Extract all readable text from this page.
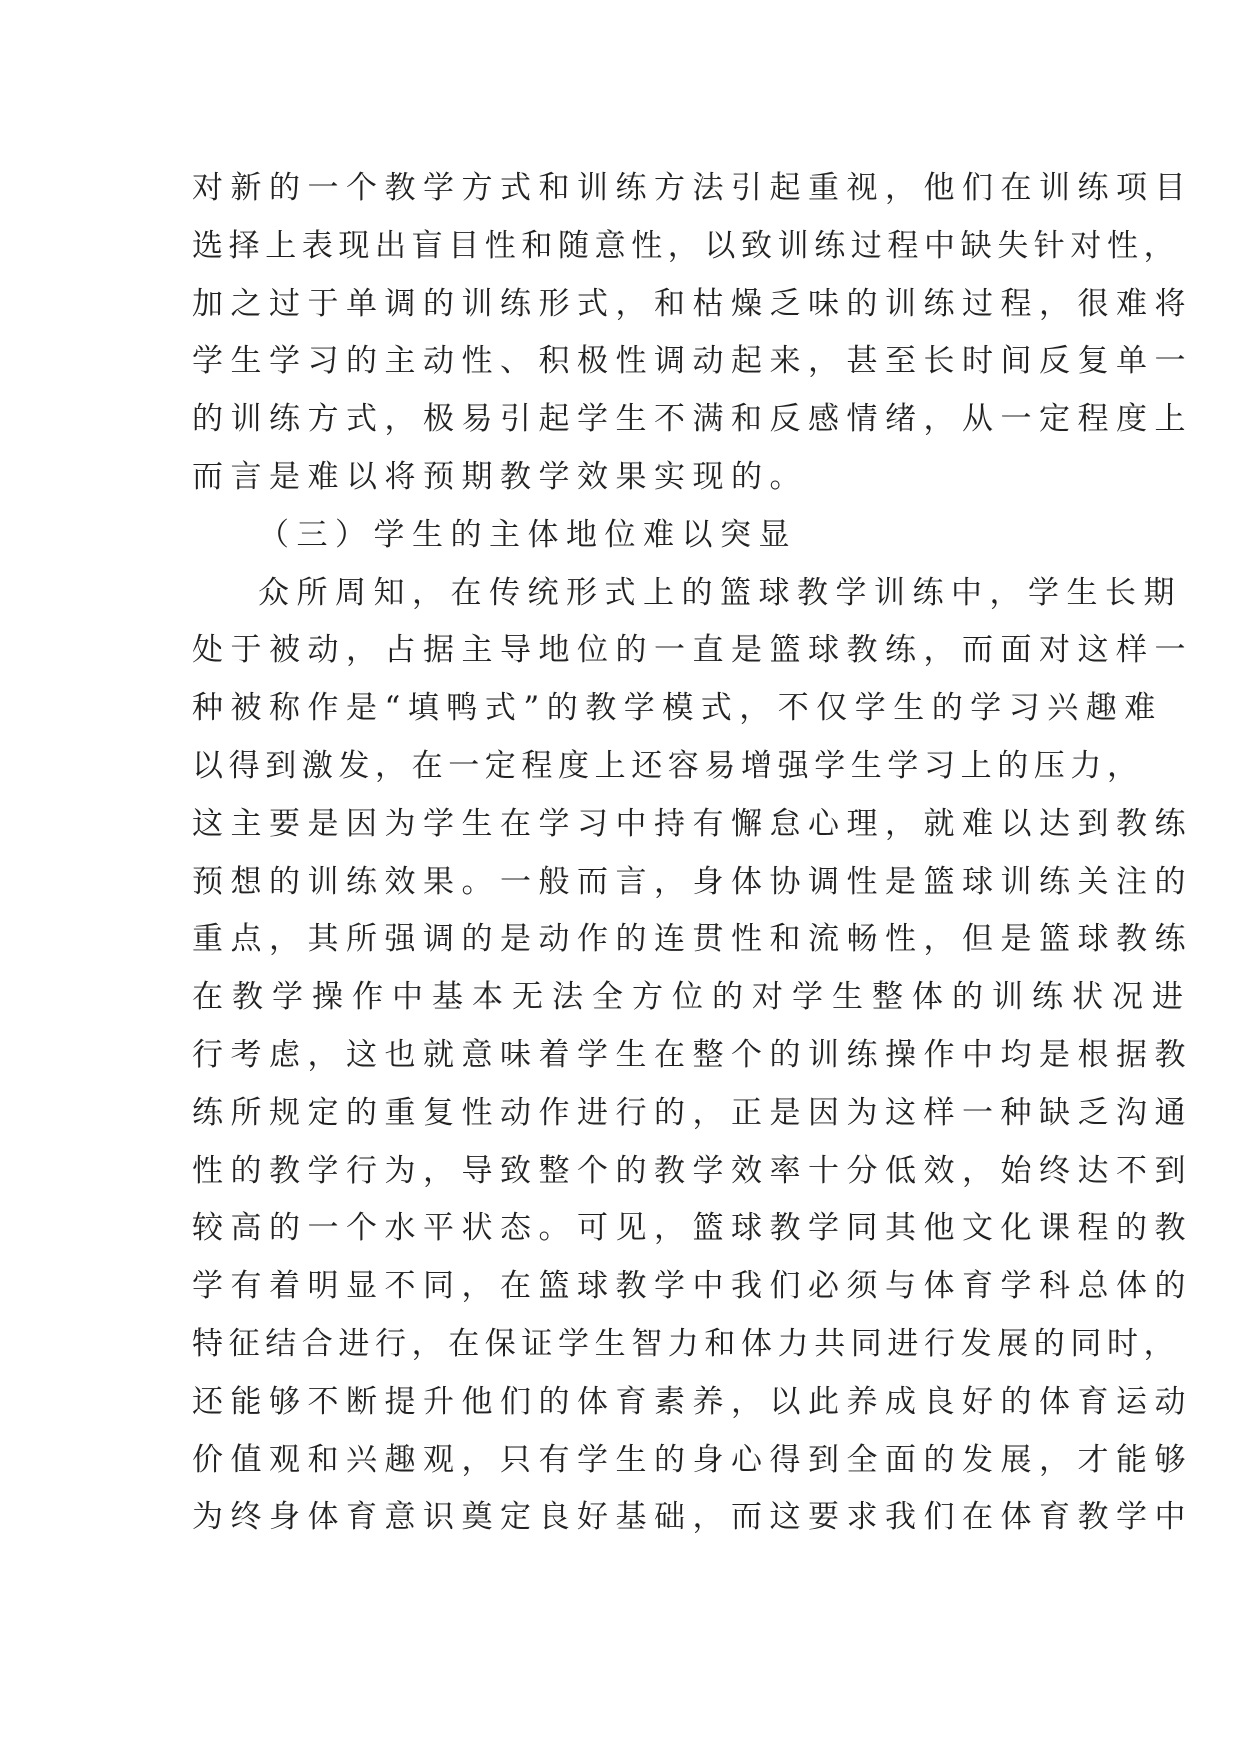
对新的一个教学方式和训练方法引起重视，他们在训练项目
选择上表现出盲目性和随意性，以致训练过程中缺失针对性，
加之过于单调的训练形式，和枯燥乏味的训练过程，很难将
学生学习的主动性、积极性调动起来，甚至长时间反复单一
的训练方式，极易引起学生不满和反感情绪，从一定程度上
而言是难以将预期教学效果实现的。
（三）学生的主体地位难以突显
众所周知，在传统形式上的篮球教学训练中，学生长期
处于被动，占据主导地位的一直是篮球教练，而面对这样一
种被称作是“填鸭式”的教学模式，不仅学生的学习兴趣难
以得到激发，在一定程度上还容易增强学生学习上的压力，
这主要是因为学生在学习中持有懈怠心理，就难以达到教练
预想的训练效果。一般而言，身体协调性是篮球训练关注的
重点，其所强调的是动作的连贯性和流畅性，但是篮球教练
在教学操作中基本无法全方位的对学生整体的训练状况进
行考虑，这也就意味着学生在整个的训练操作中均是根据教
练所规定的重复性动作进行的，正是因为这样一种缺乏沟通
性的教学行为，导致整个的教学效率十分低效，始终达不到
较高的一个水平状态。可见，篮球教学同其他文化课程的教
学有着明显不同，在篮球教学中我们必须与体育学科总体的
特征结合进行，在保证学生智力和体力共同进行发展的同时，
还能够不断提升他们的体育素养，以此养成良好的体育运动
价值观和兴趣观，只有学生的身心得到全面的发展，才能够
为终身体育意识奠定良好基础，而这要求我们在体育教学中
